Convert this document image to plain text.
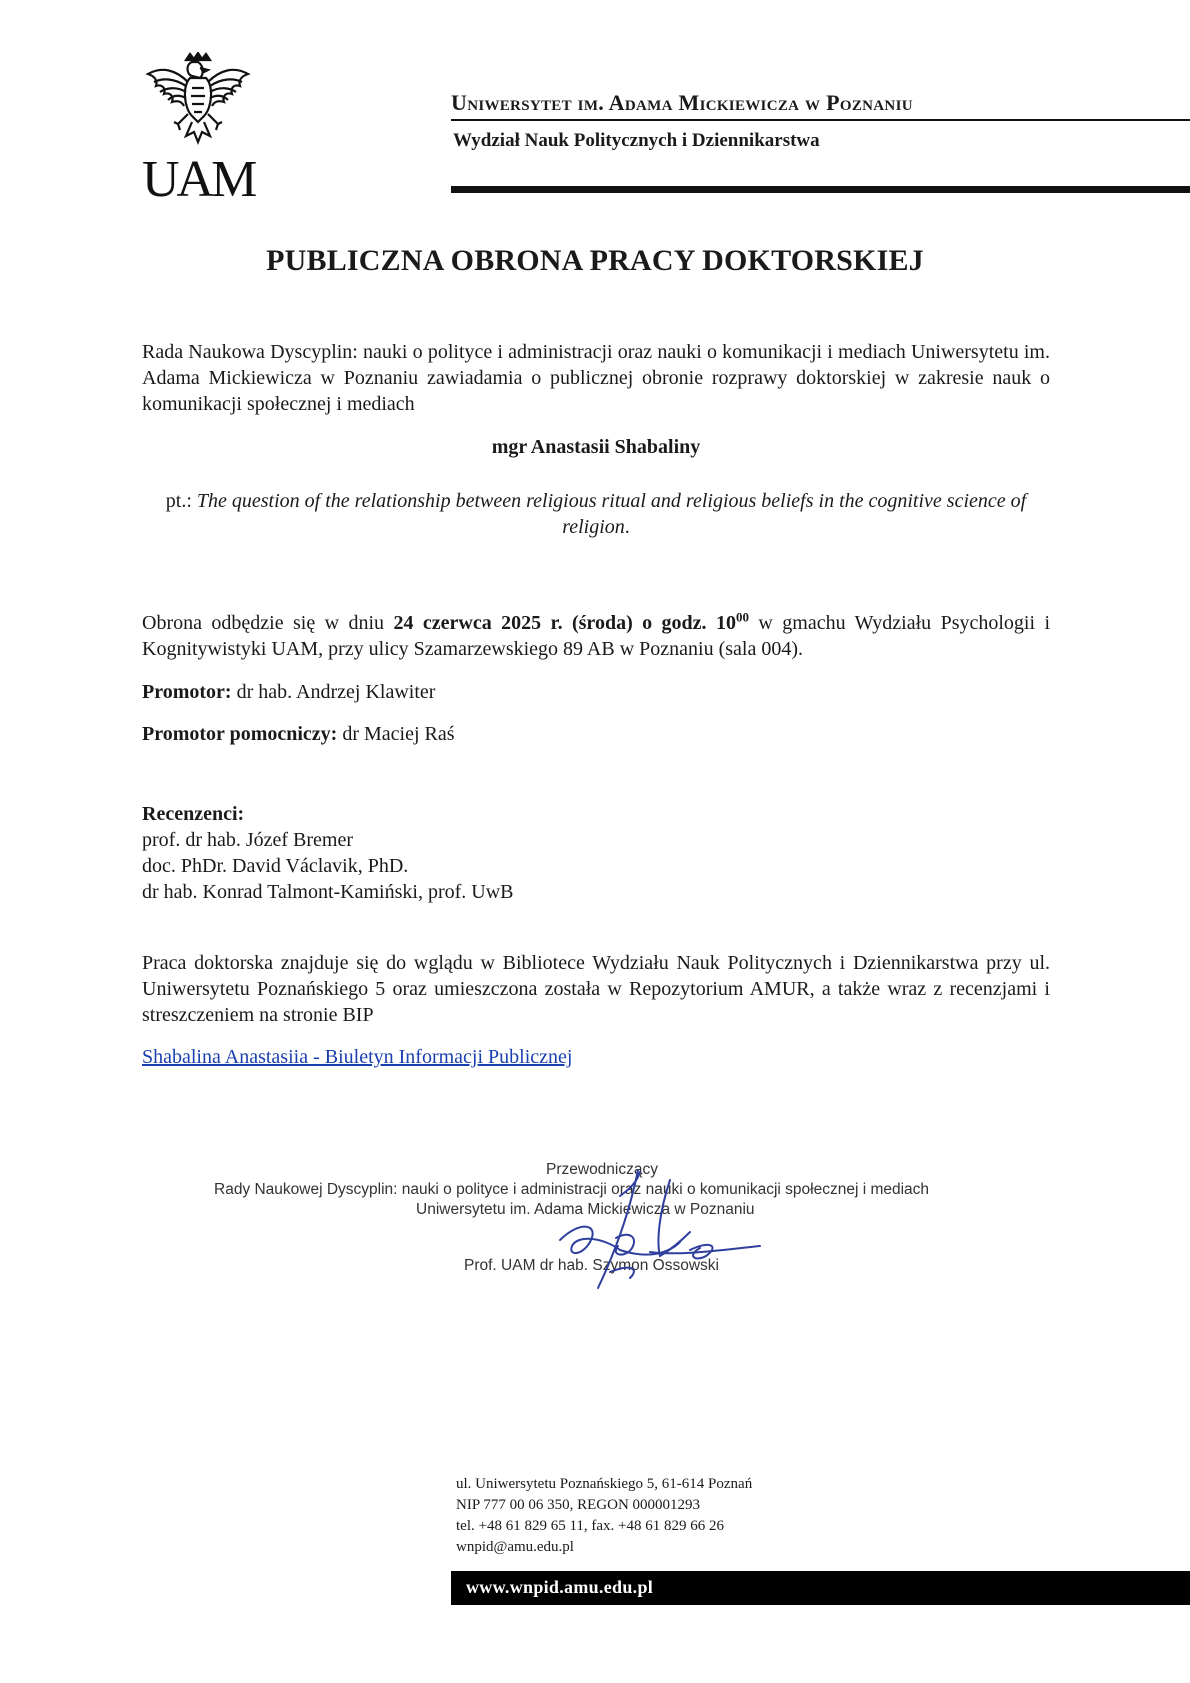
UAM
Uniwersytet im. Adama Mickiewicza w Poznaniu
Wydział Nauk Politycznych i Dziennikarstwa
PUBLICZNA OBRONA PRACY DOKTORSKIEJ
Rada Naukowa Dyscyplin: nauki o polityce i administracji oraz nauki o komunikacji i mediach Uniwersytetu im. Adama Mickiewicza w Poznaniu zawiadamia o publicznej obronie rozprawy doktorskiej w zakresie nauk o komunikacji społecznej i mediach
mgr Anastasii Shabaliny
pt.: The question of the relationship between religious ritual and religious beliefs in the cognitive science of religion.
Obrona odbędzie się w dniu 24 czerwca 2025 r. (środa) o godz. $10^{00}$ w gmachu Wydziału Psychologii i Kognitywistyki UAM, przy ulicy Szamarzewskiego 89 AB w Poznaniu (sala 004).
Promotor: dr hab. Andrzej Klawiter
Promotor pomocniczy: dr Maciej Raś
Recenzenci:
prof. dr hab. Józef Bremer
doc. PhDr. David Václavik, PhD.
dr hab. Konrad Talmont-Kamiński, prof. UwB
Praca doktorska znajduje się do wglądu w Bibliotece Wydziału Nauk Politycznych i Dziennikarstwa przy ul. Uniwersytetu Poznańskiego 5 oraz umieszczona została w Repozytorium AMUR, a także wraz z recenzjami i streszczeniem na stronie BIP
Shabalina Anastasiia - Biuletyn Informacji Publicznej
Przewodniczący
Rady Naukowej Dyscyplin: nauki o polityce i administracji oraz nauki o komunikacji społecznej i mediach
Uniwersytetu im. Adama Mickiewicza w Poznaniu
Prof. UAM dr hab. Szymon Ossowski
ul. Uniwersytetu Poznańskiego 5, 61-614 Poznań
NIP 777 00 06 350, REGON 000001293
tel. +48 61 829 65 11, fax. +48 61 829 66 26
wnpid@amu.edu.pl
www.wnpid.amu.edu.pl
